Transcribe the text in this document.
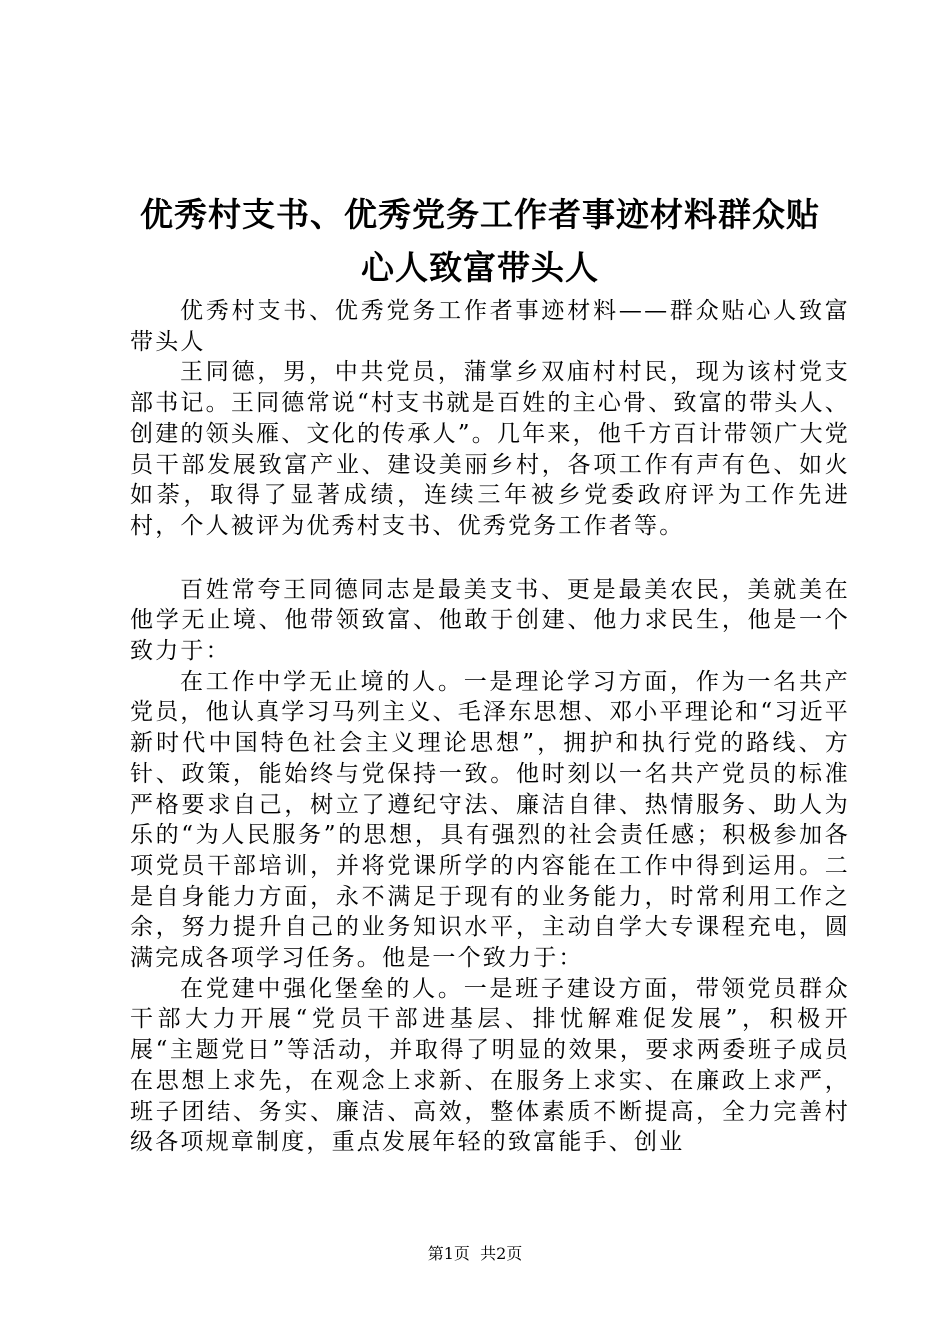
优秀村支书、优秀党务工作者事迹材料群众贴
心人致富带头人

优秀村支书、优秀党务工作者事迹材料——群众贴心人致富带头人

王同德，男，中共党员，蒲掌乡双庙村村民，现为该村党支部书记。王同德常说“村支书就是百姓的主心骨、致富的带头人、创建的领头雁、文化的传承人”。几年来，他千方百计带领广大党员干部发展致富产业、建设美丽乡村，各项工作有声有色、如火如荼，取得了显著成绩，连续三年被乡党委政府评为工作先进村，个人被评为优秀村支书、优秀党务工作者等。

百姓常夸王同德同志是最美支书、更是最美农民，美就美在他学无止境、他带领致富、他敢于创建、他力求民生，他是一个致力于：

在工作中学无止境的人。一是理论学习方面，作为一名共产党员，他认真学习马列主义、毛泽东思想、邓小平理论和“习近平新时代中国特色社会主义理论思想”，拥护和执行党的路线、方针、政策，能始终与党保持一致。他时刻以一名共产党员的标准严格要求自己，树立了遵纪守法、廉洁自律、热情服务、助人为乐的“为人民服务”的思想，具有强烈的社会责任感；积极参加各项党员干部培训，并将党课所学的内容能在工作中得到运用。二是自身能力方面，永不满足于现有的业务能力，时常利用工作之余，努力提升自己的业务知识水平，主动自学大专课程充电，圆满完成各项学习任务。他是一个致力于：

在党建中强化堡垒的人。一是班子建设方面，带领党员群众干部大力开展“党员干部进基层、排忧解难促发展”，积极开展“主题党日”等活动，并取得了明显的效果，要求两委班子成员在思想上求先，在观念上求新、在服务上求实、在廉政上求严，班子团结、务实、廉洁、高效，整体素质不断提高，全力完善村级各项规章制度，重点发展年轻的致富能手、创业

第1页  共2页
